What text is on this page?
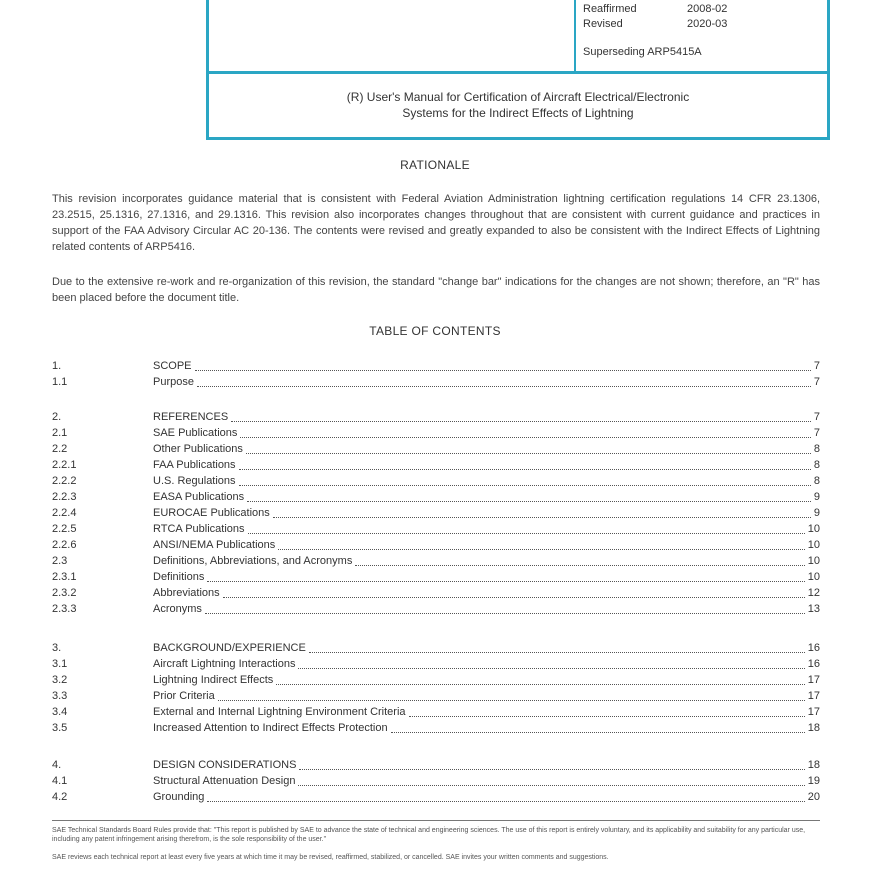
Reaffirmed	2008-02
Revised	2020-03
Superseding ARP5415A
(R) User's Manual for Certification of Aircraft Electrical/Electronic
Systems for the Indirect Effects of Lightning
RATIONALE

This revision incorporates guidance material that is consistent with Federal Aviation Administration lightning certification regulations 14 CFR 23.1306, 23.2515, 25.1316, 27.1316, and 29.1316. This revision also incorporates changes throughout that are consistent with current guidance and practices in support of the FAA Advisory Circular AC 20-136. The contents were revised and greatly expanded to also be consistent with the Indirect Effects of Lightning related contents of ARP5416.

Due to the extensive re-work and re-organization of this revision, the standard "change bar" indications for the changes are not shown; therefore, an "R" has been placed before the document title.

TABLE OF CONTENTS
1.	SCOPE	7
1.1	Purpose	7
2.	REFERENCES	7
2.1	SAE Publications	7
2.2	Other Publications	8
2.2.1	FAA Publications	8
2.2.2	U.S. Regulations	8
2.2.3	EASA Publications	9
2.2.4	EUROCAE Publications	9
2.2.5	RTCA Publications	10
2.2.6	ANSI/NEMA Publications	10
2.3	Definitions, Abbreviations, and Acronyms	10
2.3.1	Definitions	10
2.3.2	Abbreviations	12
2.3.3	Acronyms	13
3.	BACKGROUND/EXPERIENCE	16
3.1	Aircraft Lightning Interactions	16
3.2	Lightning Indirect Effects	17
3.3	Prior Criteria	17
3.4	External and Internal Lightning Environment Criteria	17
3.5	Increased Attention to Indirect Effects Protection	18
4.	DESIGN CONSIDERATIONS	18
4.1	Structural Attenuation Design	19
4.2	Grounding	20
SAE Technical Standards Board Rules provide that: "This report is published by SAE to advance the state of technical and engineering sciences. The use of this report is entirely voluntary, and its applicability and suitability for any particular use, including any patent infringement arising therefrom, is the sole responsibility of the user."
SAE reviews each technical report at least every five years at which time it may be revised, reaffirmed, stabilized, or cancelled. SAE invites your written comments and suggestions.
